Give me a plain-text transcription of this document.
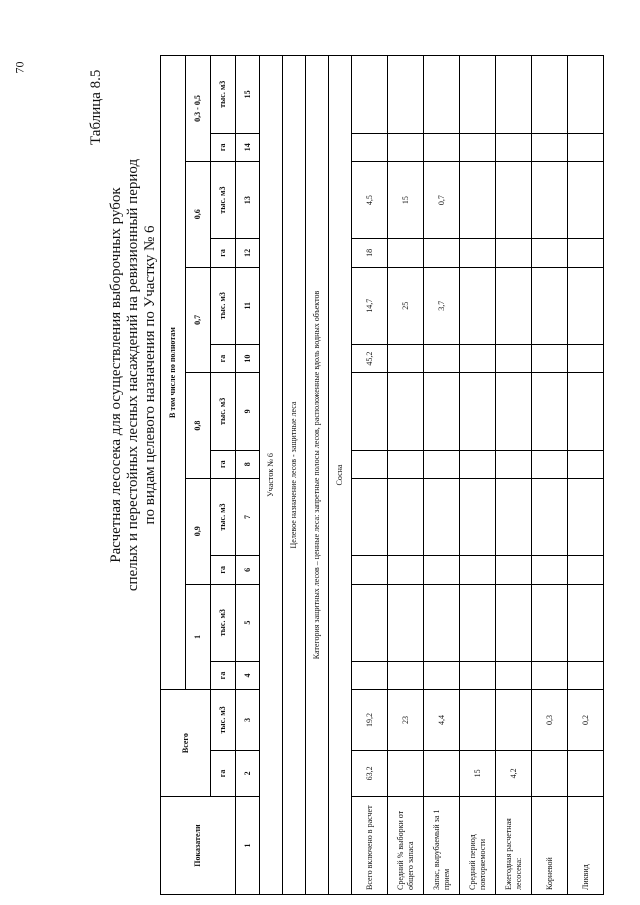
70
Таблица 8.5
Расчетная лесосека для осуществления выборочных рубок спелых и перестойных лесных насаждений на ревизионный период по видам целевого назначения по Участку № 6
Показатели	Всего		В том числе по полнотам											
			1		0,9		0,8		0,7		0,6		0,3 - 0,5	
	га	тыс. м3	га	тыс. м3	га	тыс. м3	га	тыс. м3	га	тыс. м3	га	тыс. м3	га	тыс. м3
1	2	3	4	5	6	7	8	9	10	11	12	13	14	15
Участок № 6														
Целевое назначение лесов - защитные леса														
Категория защитных лесов – ценные леса: запретные полосы лесов, расположенные вдоль водных объектов														
Сосна														
Всего включено в расчет	63,2	19,2							45,2	14,7	18	4,5		
Средний % выборки от общего запаса		23								25		15		
Запас, вырубаемый за 1 прием		4,4								3,7		0,7		
Средний период повторяемости	15													
Ежегодная расчетная лесосека:	4,2													
Корневой		0,3												
Ликвид		0,2												
